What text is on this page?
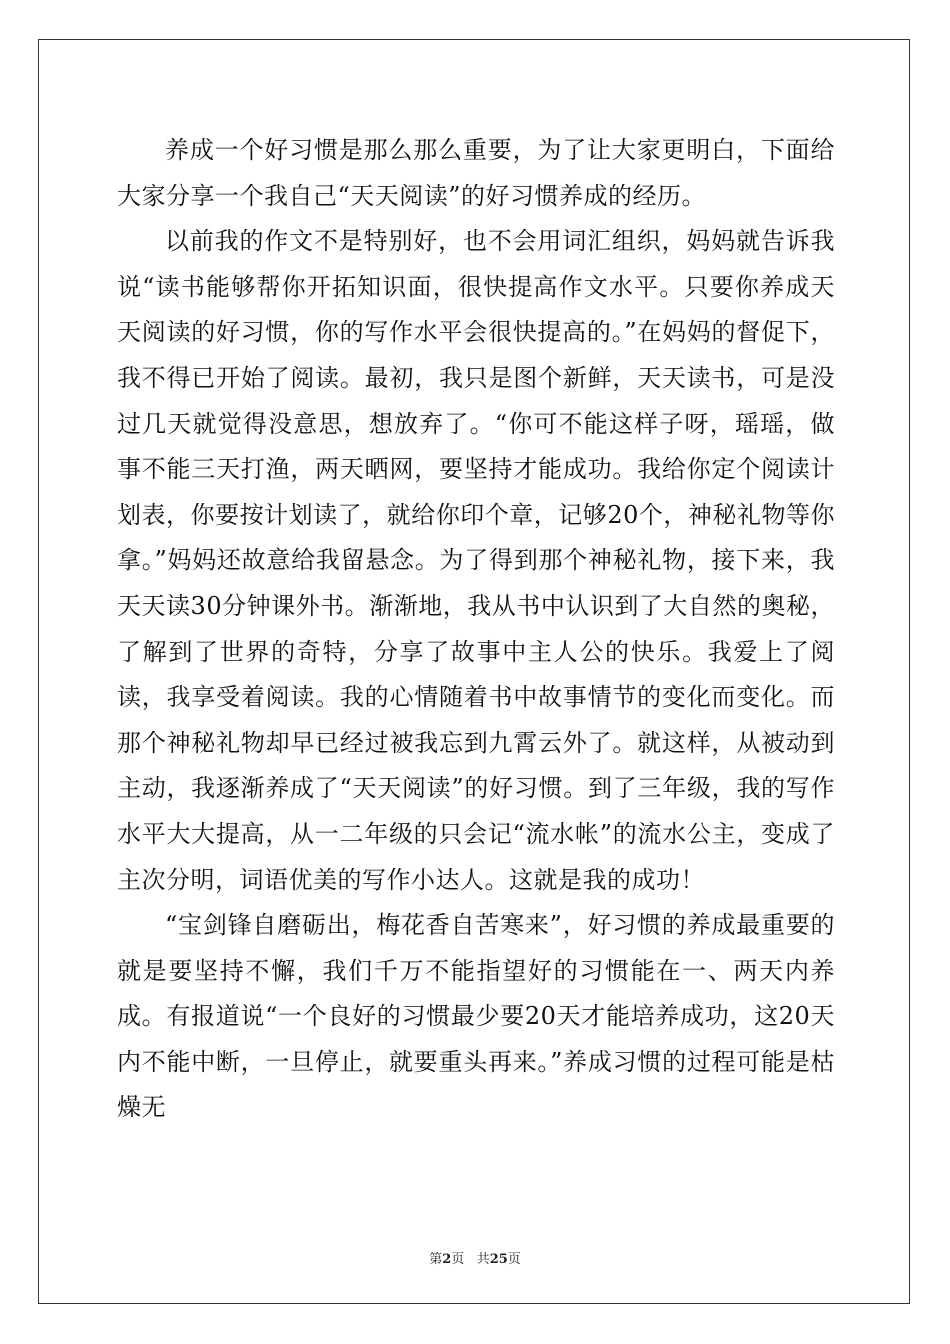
养成一个好习惯是那么那么重要，为了让大家更明白，下面给大家分享一个我自己“天天阅读”的好习惯养成的经历。

以前我的作文不是特别好，也不会用词汇组织，妈妈就告诉我说“读书能够帮你开拓知识面，很快提高作文水平。只要你养成天天阅读的好习惯，你的写作水平会很快提高的。”在妈妈的督促下，我不得已开始了阅读。最初，我只是图个新鲜，天天读书，可是没过几天就觉得没意思，想放弃了。“你可不能这样子呀，瑶瑶，做事不能三天打渔，两天晒网，要坚持才能成功。我给你定个阅读计划表，你要按计划读了，就给你印个章，记够20个，神秘礼物等你拿。”妈妈还故意给我留悬念。为了得到那个神秘礼物，接下来，我天天读30分钟课外书。渐渐地，我从书中认识到了大自然的奥秘，了解到了世界的奇特，分享了故事中主人公的快乐。我爱上了阅读，我享受着阅读。我的心情随着书中故事情节的变化而变化。而那个神秘礼物却早已经过被我忘到九霄云外了。就这样，从被动到主动，我逐渐养成了“天天阅读”的好习惯。到了三年级，我的写作水平大大提高，从一二年级的只会记“流水帐”的流水公主，变成了主次分明，词语优美的写作小达人。这就是我的成功！

“宝剑锋自磨砺出，梅花香自苦寒来”，好习惯的养成最重要的就是要坚持不懈，我们千万不能指望好的习惯能在一、两天内养成。有报道说“一个良好的习惯最少要20天才能培养成功，这20天内不能中断，一旦停止，就要重头再来。”养成习惯的过程可能是枯燥无

第2页 共25页
